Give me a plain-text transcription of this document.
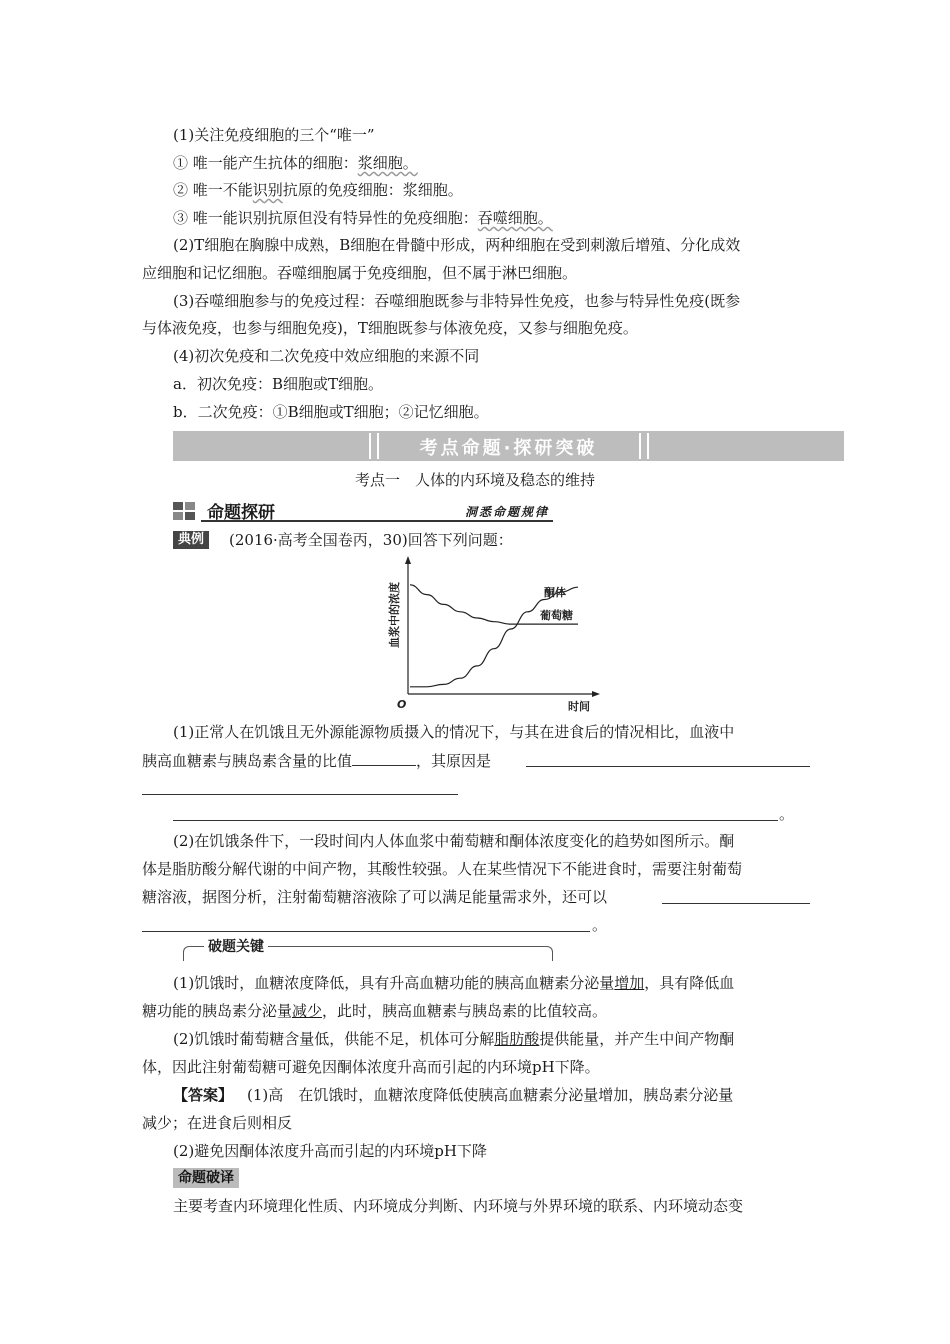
(1)关注免疫细胞的三个“唯一”
① 唯一能产生抗体的细胞：浆细胞。
② 唯一不能识别抗原的免疫细胞：浆细胞。
③ 唯一能识别抗原但没有特异性的免疫细胞：吞噬细胞。
(2)T细胞在胸腺中成熟，B细胞在骨髓中形成，两种细胞在受到刺激后增殖、分化成效
应细胞和记忆细胞。吞噬细胞属于免疫细胞，但不属于淋巴细胞。
(3)吞噬细胞参与的免疫过程：吞噬细胞既参与非特异性免疫，也参与特异性免疫(既参
与体液免疫，也参与细胞免疫)，T细胞既参与体液免疫，又参与细胞免疫。
(4)初次免疫和二次免疫中效应细胞的来源不同
a．初次免疫：B细胞或T细胞。
b．二次免疫：①B细胞或T细胞；②记忆细胞。
考点命题·探研突破
考点一　人体的内环境及稳态的维持
命题探研	洞悉命题规律
典例	(2016·高考全国卷丙，30)回答下列问题：
血浆中的浓度
时间
O
酮体
葡萄糖
(1)正常人在饥饿且无外源能源物质摄入的情况下，与其在进食后的情况相比，血液中
胰高血糖素与胰岛素含量的比值	，其原因是
。
(2)在饥饿条件下，一段时间内人体血浆中葡萄糖和酮体浓度变化的趋势如图所示。酮
体是脂肪酸分解代谢的中间产物，其酸性较强。人在某些情况下不能进食时，需要注射葡萄
糖溶液，据图分析，注射葡萄糖溶液除了可以满足能量需求外，还可以
。
破题关键
(1)饥饿时，血糖浓度降低，具有升高血糖功能的胰高血糖素分泌量增加，具有降低血
糖功能的胰岛素分泌量减少，此时，胰高血糖素与胰岛素的比值较高。
(2)饥饿时葡萄糖含量低，供能不足，机体可分解脂肪酸提供能量，并产生中间产物酮
体，因此注射葡萄糖可避免因酮体浓度升高而引起的内环境pH下降。
【答案】 (1)高　在饥饿时，血糖浓度降低使胰高血糖素分泌量增加，胰岛素分泌量
减少；在进食后则相反
(2)避免因酮体浓度升高而引起的内环境pH下降
命题破译
主要考查内环境理化性质、内环境成分判断、内环境与外界环境的联系、内环境动态变
